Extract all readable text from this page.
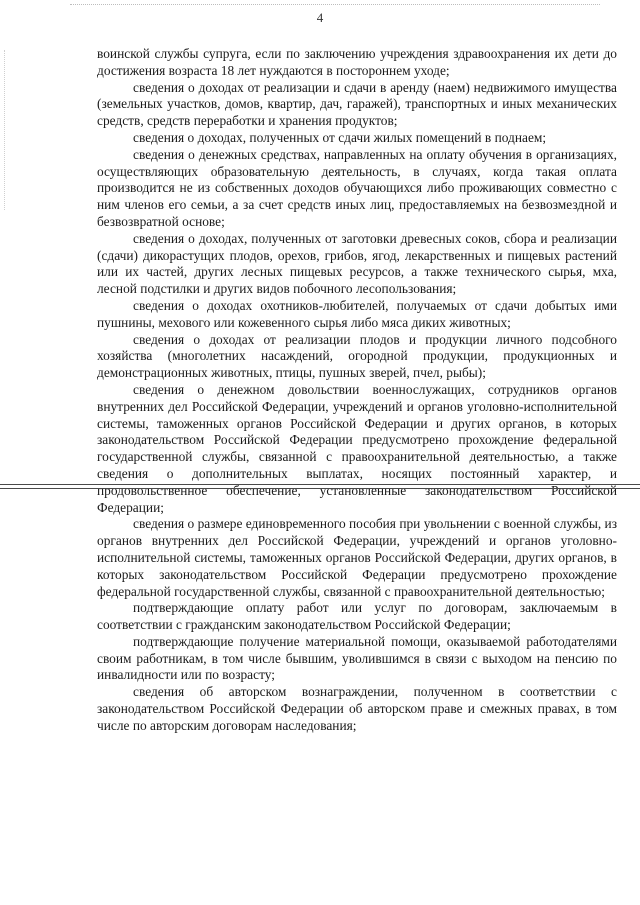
4

воинской службы супруга, если по заключению учреждения здравоохранения их дети до достижения возраста 18 лет нуждаются в постороннем уходе;

сведения о доходах от реализации и сдачи в аренду (наем) недвижимого имущества (земельных участков, домов, квартир, дач, гаражей), транспортных и иных механических средств, средств переработки и хранения продуктов;

сведения о доходах, полученных от сдачи жилых помещений в поднаем;

сведения о денежных средствах, направленных на оплату обучения в организациях, осуществляющих образовательную деятельность, в случаях, когда такая оплата производится не из собственных доходов обучающихся либо проживающих совместно с ним членов его семьи, а за счет средств иных лиц, предоставляемых на безвозмездной и безвозвратной основе;

сведения о доходах, полученных от заготовки древесных соков, сбора и реализации (сдачи) дикорастущих плодов, орехов, грибов, ягод, лекарственных и пищевых растений или их частей, других лесных пищевых ресурсов, а также технического сырья, мха, лесной подстилки и других видов побочного лесопользования;

сведения о доходах охотников-любителей, получаемых от сдачи добытых ими пушнины, мехового или кожевенного сырья либо мяса диких животных;

сведения о доходах от реализации плодов и продукции личного подсобного хозяйства (многолетних насаждений, огородной продукции, продукционных и демонстрационных животных, птицы, пушных зверей, пчел, рыбы);

сведения о денежном довольствии военнослужащих, сотрудников органов внутренних дел Российской Федерации, учреждений и органов уголовно-исполнительной системы, таможенных органов Российской Федерации и других органов, в которых законодательством Российской Федерации предусмотрено прохождение федеральной государственной службы, связанной с правоохранительной деятельностью, а также сведения о дополнительных выплатах, носящих постоянный характер, и продовольственное обеспечение, установленные законодательством Российской Федерации;

сведения о размере единовременного пособия при увольнении с военной службы, из органов внутренних дел Российской Федерации, учреждений и органов уголовно-исполнительной системы, таможенных органов Российской Федерации, других органов, в которых законодательством Российской Федерации предусмотрено прохождение федеральной государственной службы, связанной с правоохранительной деятельностью;

подтверждающие оплату работ или услуг по договорам, заключаемым в соответствии с гражданским законодательством Российской Федерации;

подтверждающие получение материальной помощи, оказываемой работодателями своим работникам, в том числе бывшим, уволившимся в связи с выходом на пенсию по инвалидности или по возрасту;

сведения об авторском вознаграждении, полученном в соответствии с законодательством Российской Федерации об авторском праве и смежных правах, в том числе по авторским договорам наследования;
